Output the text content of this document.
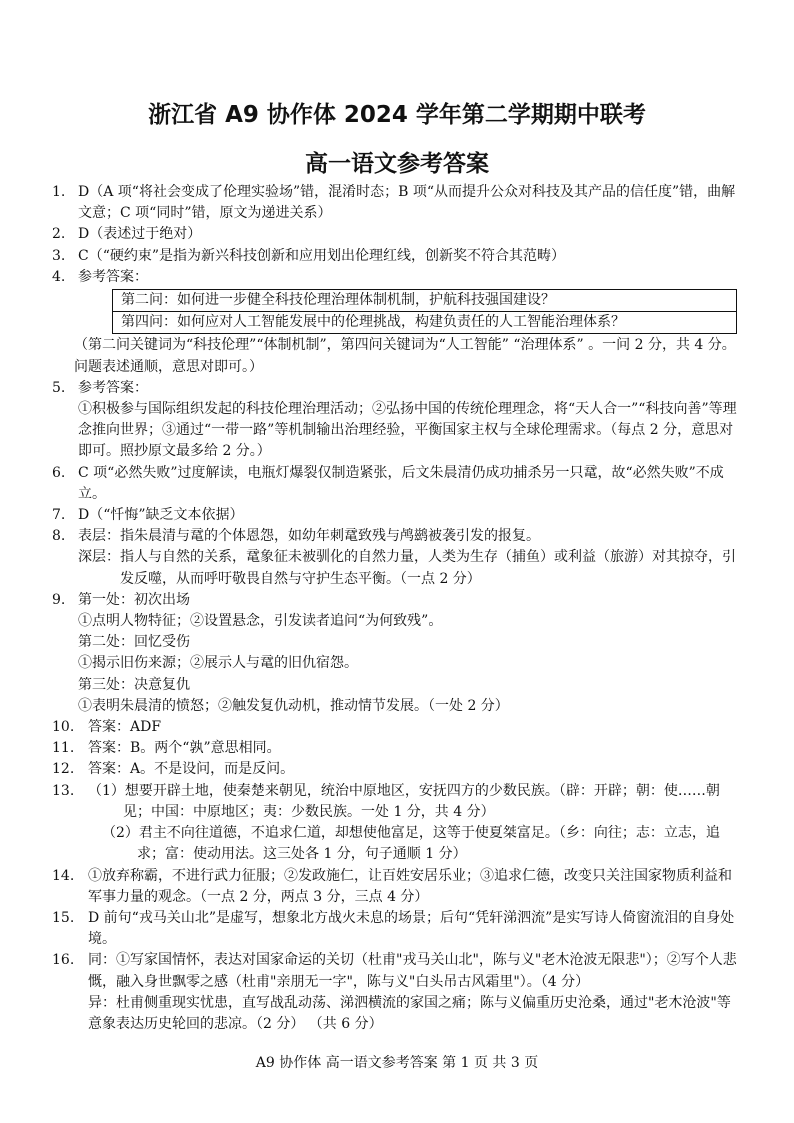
浙江省 A9 协作体 2024 学年第二学期期中联考
高一语文参考答案
1. D（A 项“将社会变成了伦理实验场”错，混淆时态；B 项“从而提升公众对科技及其产品的信任度”错，曲解文意；C 项“同时”错，原文为递进关系）

2. D（表述过于绝对）

3. C（“硬约束”是指为新兴科技创新和应用划出伦理红线，创新奖不符合其范畴）

4. 参考答案：

第二问：如何进一步健全科技伦理治理体制机制，护航科技强国建设？
第四问：如何应对人工智能发展中的伦理挑战，构建负责任的人工智能治理体系？

（第二问关键词为“科技伦理”“体制机制”，第四问关键词为“人工智能” “治理体系” 。一问 2 分，共 4 分。问题表述通顺，意思对即可。）

5. 参考答案：

①积极参与国际组织发起的科技伦理治理活动；②弘扬中国的传统伦理理念，将“天人合一”“科技向善”等理念推向世界；③通过“一带一路”等机制输出治理经验，平衡国家主权与全球伦理需求。（每点 2 分，意思对即可。照抄原文最多给 2 分。）

6. C 项“必然失败”过度解读，电瓶灯爆裂仅制造紧张，后文朱晨清仍成功捕杀另一只鼋，故“必然失败”不成立。

7. D（“忏悔”缺乏文本依据）

8. 表层：指朱晨清与鼋的个体恩怨，如幼年刺鼋致残与鸬鹚被袭引发的报复。

深层：指人与自然的关系，鼋象征未被驯化的自然力量，人类为生存（捕鱼）或利益（旅游）对其掠夺，引发反噬，从而呼吁敬畏自然与守护生态平衡。（一点 2 分）

9. 第一处：初次出场

①点明人物特征；②设置悬念，引发读者追问“为何致残”。

第二处：回忆受伤

①揭示旧伤来源；②展示人与鼋的旧仇宿怨。

第三处：决意复仇

①表明朱晨清的愤怒；②触发复仇动机，推动情节发展。（一处 2 分）

10. 答案：ADF

11. 答案：B。两个“孰”意思相同。

12. 答案：A。不是设问，而是反问。

13. （1）想要开辟土地，使秦楚来朝见，统治中原地区，安抚四方的少数民族。（辟：开辟；朝：使……朝见；中国：中原地区；夷：少数民族。一处 1 分，共 4 分）

（2）君主不向往道德，不追求仁道，却想使他富足，这等于使夏桀富足。（乡：向往；志：立志，追求；富：使动用法。这三处各 1 分，句子通顺 1 分）

14. ①放弃称霸，不进行武力征服；②发政施仁，让百姓安居乐业；③追求仁德，改变只关注国家物质利益和军事力量的观念。（一点 2 分，两点 3 分，三点 4 分）

15. D 前句“戎马关山北”是虚写，想象北方战火未息的场景；后句“凭轩涕泗流”是实写诗人倚窗流泪的自身处境。

16. 同：①写家国情怀，表达对国家命运的关切（杜甫"戎马关山北"，陈与义"老木沧波无限悲"）；②写个人悲慨，融入身世飘零之感（杜甫"亲朋无一字"，陈与义"白头吊古风霜里"）。（4 分）

异：杜甫侧重现实忧患，直写战乱动荡、涕泗横流的家国之痛；陈与义偏重历史沧桑，通过"老木沧波"等意象表达历史轮回的悲凉。（2 分） （共 6 分）

A9 协作体 高一语文参考答案 第 1 页 共 3 页
